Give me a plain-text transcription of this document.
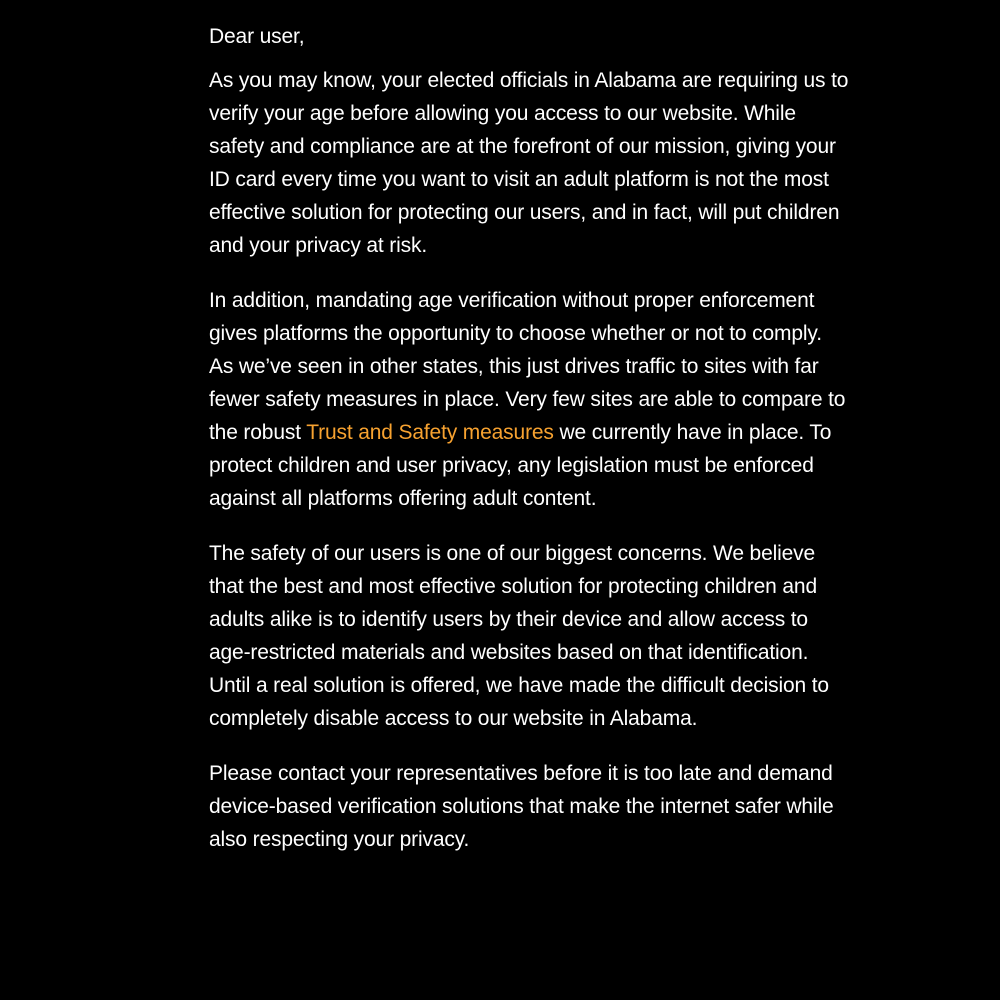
Dear user,

As you may know, your elected officials in Alabama are requiring us to verify your age before allowing you access to our website. While safety and compliance are at the forefront of our mission, giving your ID card every time you want to visit an adult platform is not the most effective solution for protecting our users, and in fact, will put children and your privacy at risk.

In addition, mandating age verification without proper enforcement gives platforms the opportunity to choose whether or not to comply. As we’ve seen in other states, this just drives traffic to sites with far fewer safety measures in place. Very few sites are able to compare to the robust Trust and Safety measures we currently have in place. To protect children and user privacy, any legislation must be enforced against all platforms offering adult content.

The safety of our users is one of our biggest concerns. We believe that the best and most effective solution for protecting children and adults alike is to identify users by their device and allow access to age-restricted materials and websites based on that identification. Until a real solution is offered, we have made the difficult decision to completely disable access to our website in Alabama.

Please contact your representatives before it is too late and demand device-based verification solutions that make the internet safer while also respecting your privacy.
